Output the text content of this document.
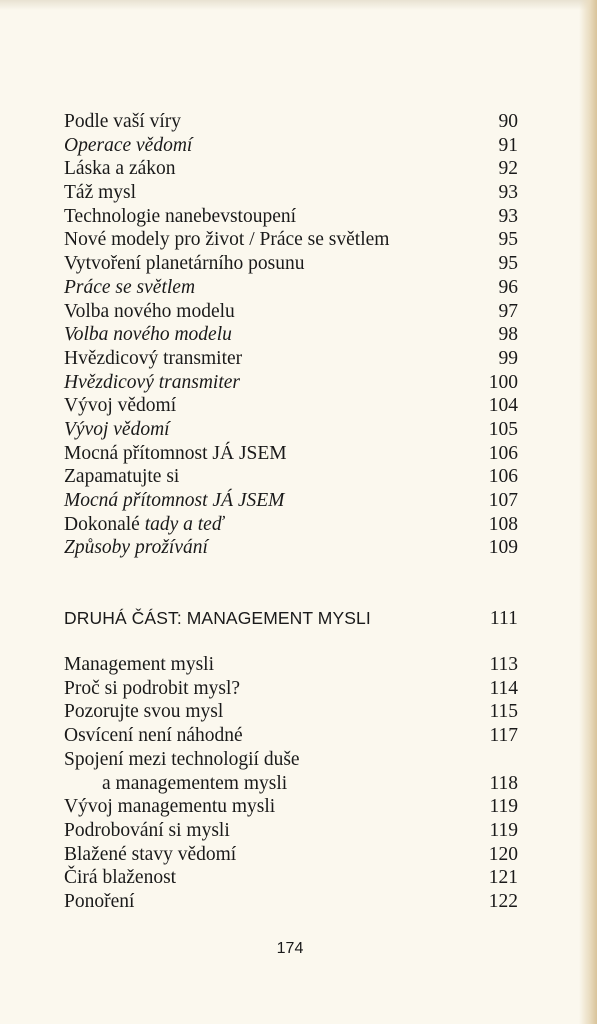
Podle vaší víry	90
Operace vědomí	91
Láska a zákon	92
Táž mysl	93
Technologie nanebevstoupení	93
Nové modely pro život / Práce se světlem	95
Vytvoření planetárního posunu	95
Práce se světlem	96
Volba nového modelu	97
Volba nového modelu	98
Hvězdicový transmiter	99
Hvězdicový transmiter	100
Vývoj vědomí	104
Vývoj vědomí	105
Mocná přítomnost JÁ JSEM	106
Zapamatujte si	106
Mocná přítomnost JÁ JSEM	107
Dokonalé tady a teď	108
Způsoby prožívání	109
DRUHÁ ČÁST: MANAGEMENT MYSLI	111
Management mysli	113
Proč si podrobit mysl?	114
Pozorujte svou mysl	115
Osvícení není náhodné	117
Spojení mezi technologií duše
a managementem mysli	118
Vývoj managementu mysli	119
Podrobování si mysli	119
Blažené stavy vědomí	120
Čirá blaženost	121
Ponoření	122
174
